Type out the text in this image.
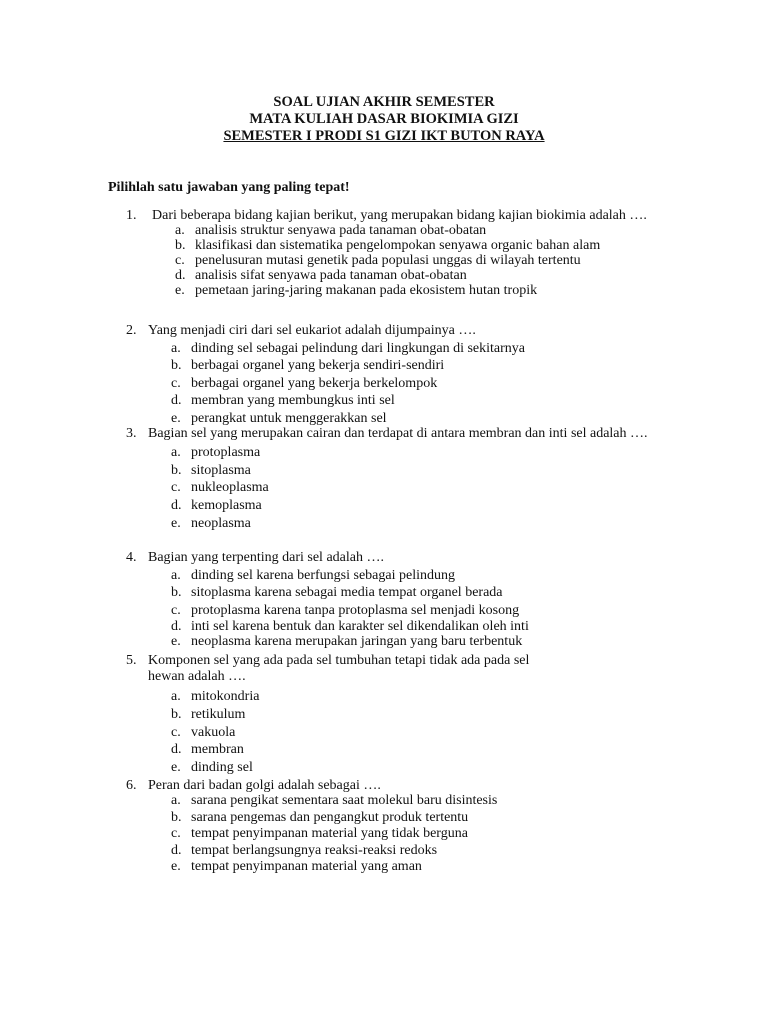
SOAL UJIAN AKHIR SEMESTER
MATA KULIAH DASAR BIOKIMIA GIZI
SEMESTER I PRODI S1 GIZI IKT BUTON RAYA
Pilihlah satu jawaban yang paling tepat!
1. Dari beberapa bidang kajian berikut, yang merupakan bidang kajian biokimia adalah ….
a. analisis struktur senyawa pada tanaman obat-obatan
b. klasifikasi dan sistematika pengelompokan senyawa organic bahan alam
c. penelusuran mutasi genetik pada populasi unggas di wilayah tertentu
d. analisis sifat senyawa pada tanaman obat-obatan
e. pemetaan jaring-jaring makanan pada ekosistem hutan tropik
2. Yang menjadi ciri dari sel eukariot adalah dijumpainya ….
a. dinding sel sebagai pelindung dari lingkungan di sekitarnya
b. berbagai organel yang bekerja sendiri-sendiri
c. berbagai organel yang bekerja berkelompok
d. membran yang membungkus inti sel
e. perangkat untuk menggerakkan sel
3. Bagian sel yang merupakan cairan dan terdapat di antara membran dan inti sel adalah ….
a. protoplasma
b. sitoplasma
c. nukleoplasma
d. kemoplasma
e. neoplasma
4. Bagian yang terpenting dari sel adalah ….
a. dinding sel karena berfungsi sebagai pelindung
b. sitoplasma karena sebagai media tempat organel berada
c. protoplasma karena tanpa protoplasma sel menjadi kosong
d. inti sel karena bentuk dan karakter sel dikendalikan oleh inti
e. neoplasma karena merupakan jaringan yang baru terbentuk
5. Komponen sel yang ada pada sel tumbuhan tetapi tidak ada pada sel
hewan adalah ….
a. mitokondria
b. retikulum
c. vakuola
d. membran
e. dinding sel
6. Peran dari badan golgi adalah sebagai ….
a. sarana pengikat sementara saat molekul baru disintesis
b. sarana pengemas dan pengangkut produk tertentu
c. tempat penyimpanan material yang tidak berguna
d. tempat berlangsungnya reaksi-reaksi redoks
e. tempat penyimpanan material yang aman
